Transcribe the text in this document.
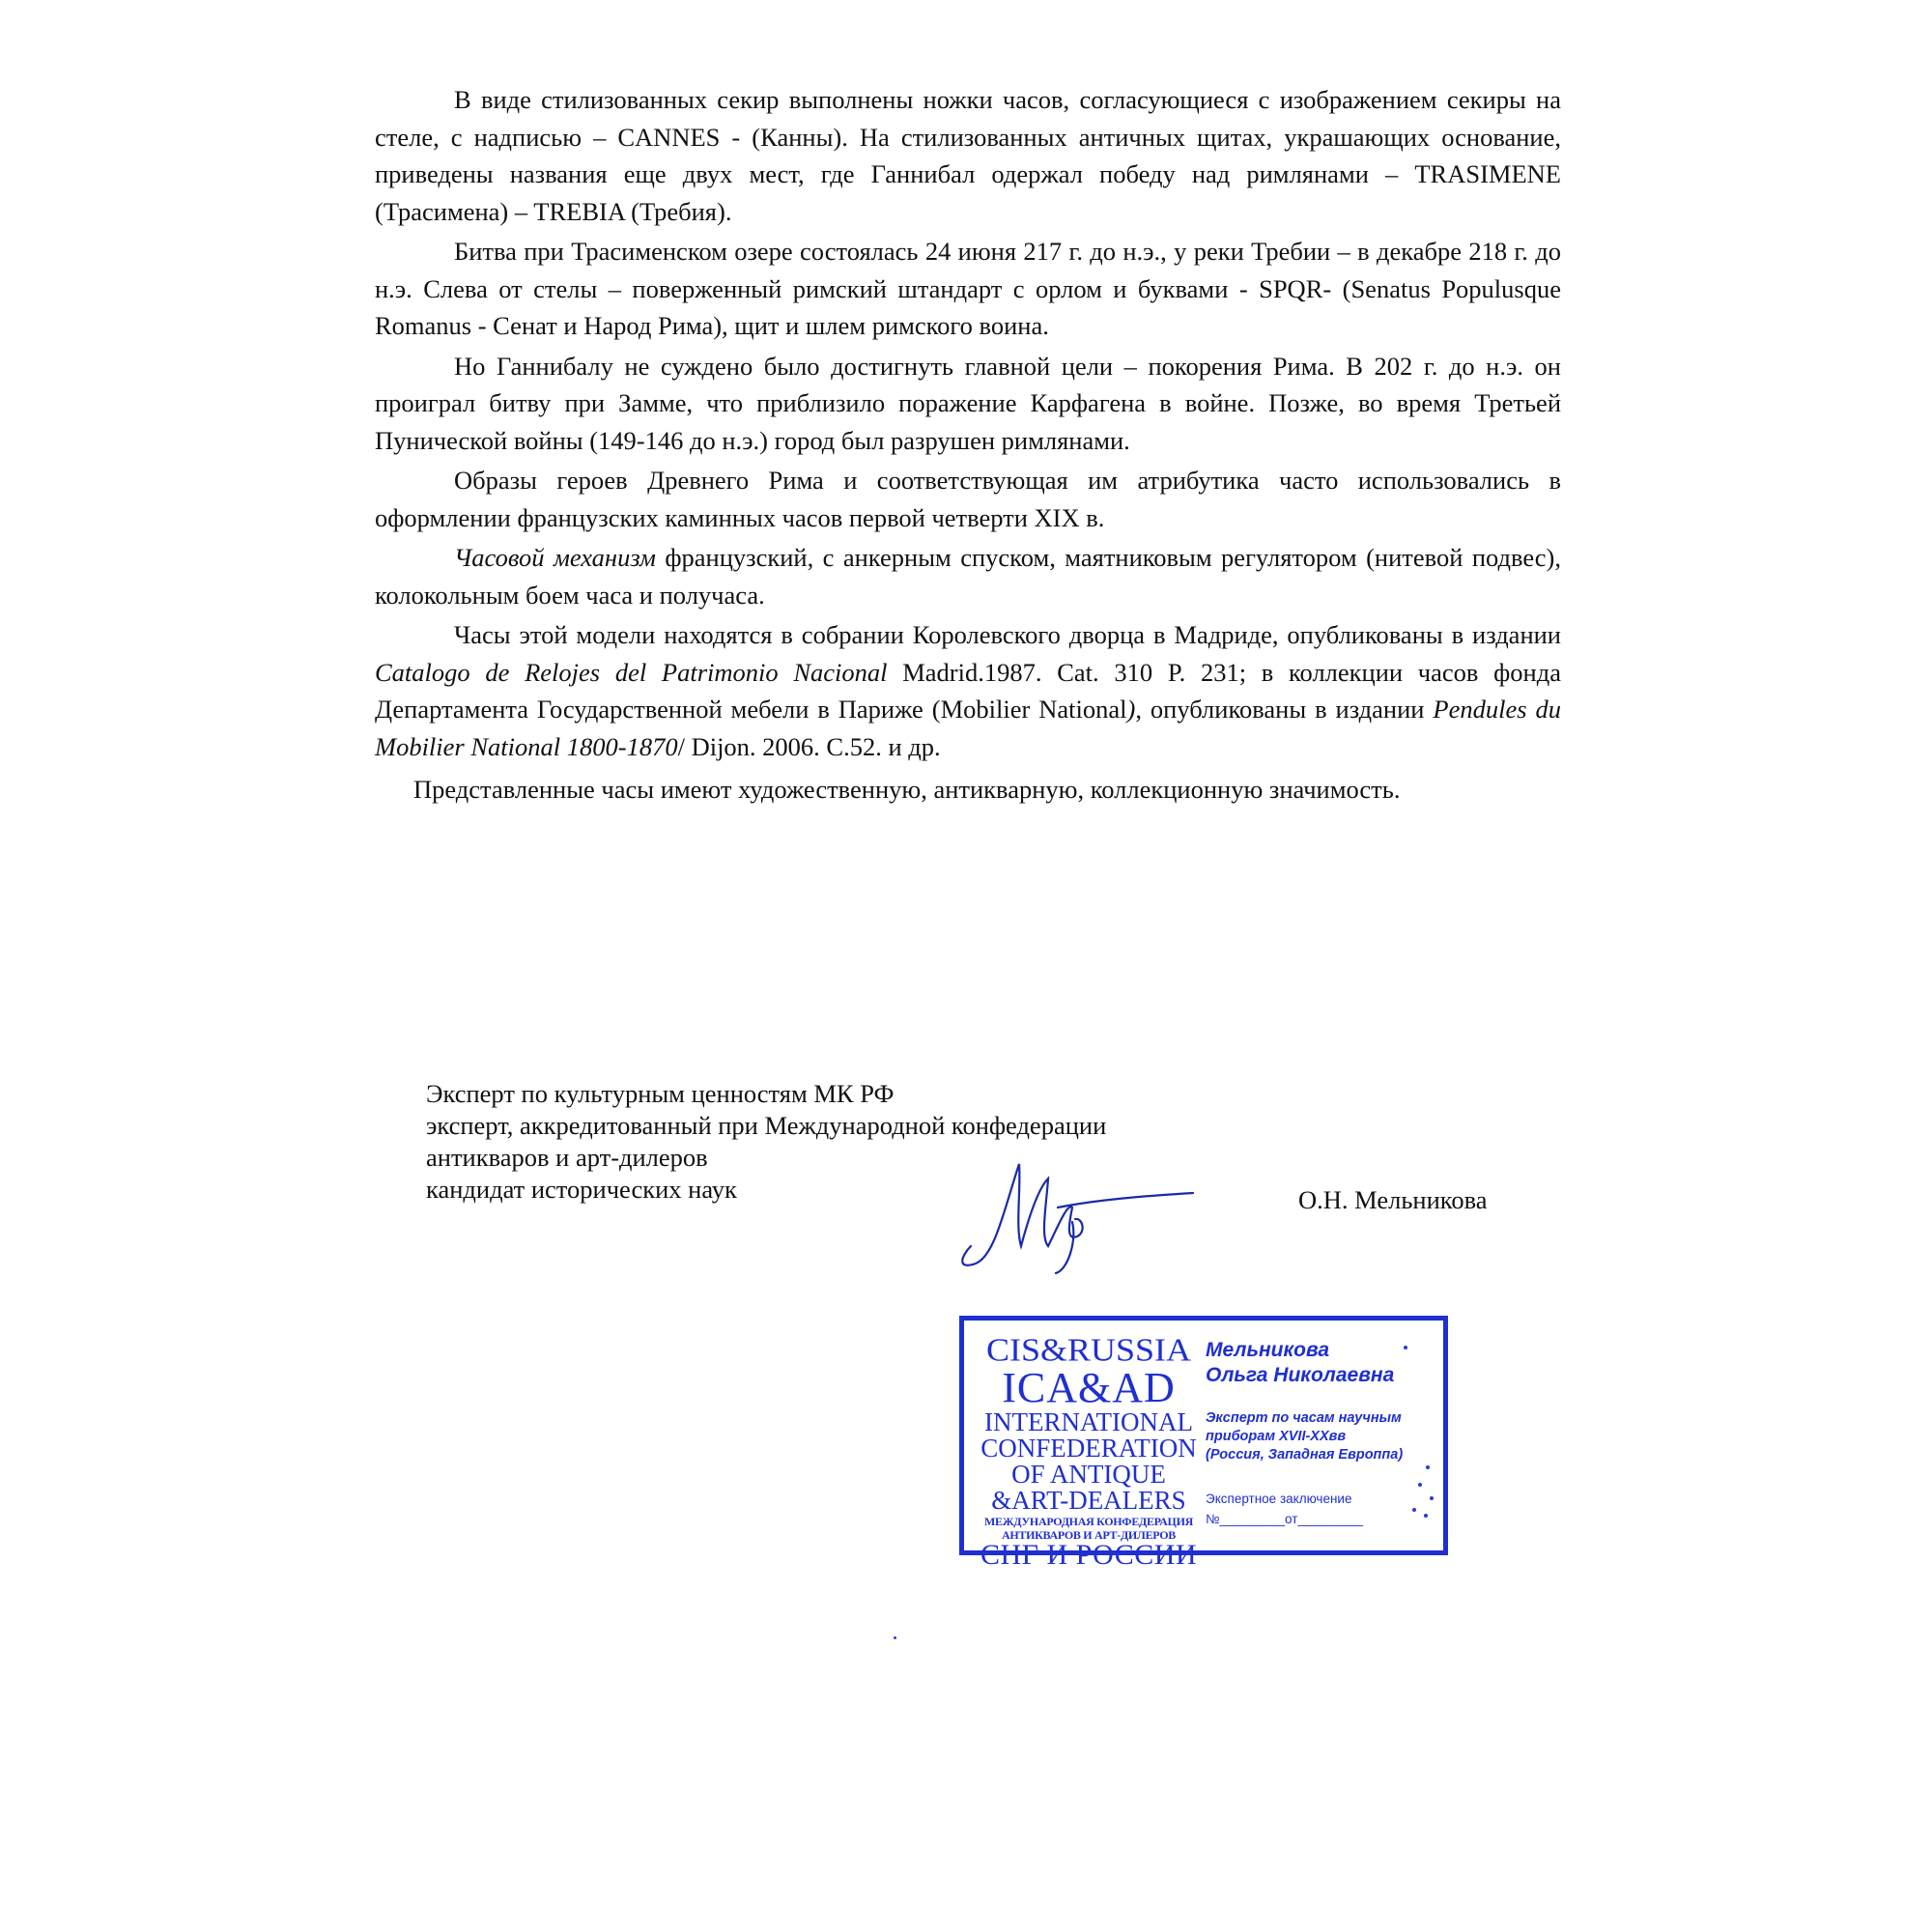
В виде стилизованных секир выполнены ножки часов, согласующиеся с изображением секиры на стеле, с надписью – CANNES - (Канны). На стилизованных античных щитах, украшающих основание, приведены названия еще двух мест, где Ганнибал одержал победу над римлянами – TRASIMENE (Трасимена) – TREBIA (Требия).

Битва при Трасименском озере состоялась 24 июня 217 г. до н.э., у реки Требии – в декабре 218 г. до н.э. Слева от стелы – поверженный римский штандарт с орлом и буквами - SPQR- (Senatus Populusque Romanus - Сенат и Народ Рима), щит и шлем римского воина.

Но Ганнибалу не суждено было достигнуть главной цели – покорения Рима. В 202 г. до н.э. он проиграл битву при Замме, что приблизило поражение Карфагена в войне. Позже, во время Третьей Пунической войны (149-146 до н.э.) город был разрушен римлянами.

Образы героев Древнего Рима и соответствующая им атрибутика часто использовались в оформлении французских каминных часов первой четверти XIX в.

Часовой механизм французский, с анкерным спуском, маятниковым регулятором (нитевой подвес), колокольным боем часа и получаса.

Часы этой модели находятся в собрании Королевского дворца в Мадриде, опубликованы в издании Catalogo de Relojes del Patrimonio Nacional Madrid.1987. Cat. 310 P. 231; в коллекции часов фонда Департамента Государственной мебели в Париже (Mobilier National), опубликованы в издании Pendules du Mobilier National 1800-1870/ Dijon. 2006. С.52. и др.

Представленные часы имеют художественную, антикварную, коллекционную значимость.

Эксперт по культурным ценностям МК РФ
эксперт, аккредитованный при Международной конфедерации
антикваров и арт-дилеров
кандидат исторических наук	О.Н. Мельникова
CIS&RUSSIA
ICA&AD
INTERNATIONAL
CONFEDERATION
OF ANTIQUE
&ART-DEALERS
МЕЖДУНАРОДНАЯ КОНФЕДЕРАЦИЯ
АНТИКВАРОВ И АРТ-ДИЛЕРОВ
СНГ И РОССИИ
Мельникова
Ольга Николаевна
Эксперт по часам научным
приборам XVII-XXвв
(Россия, Западная Европпа)
Экспертное заключение
№_________от_________
